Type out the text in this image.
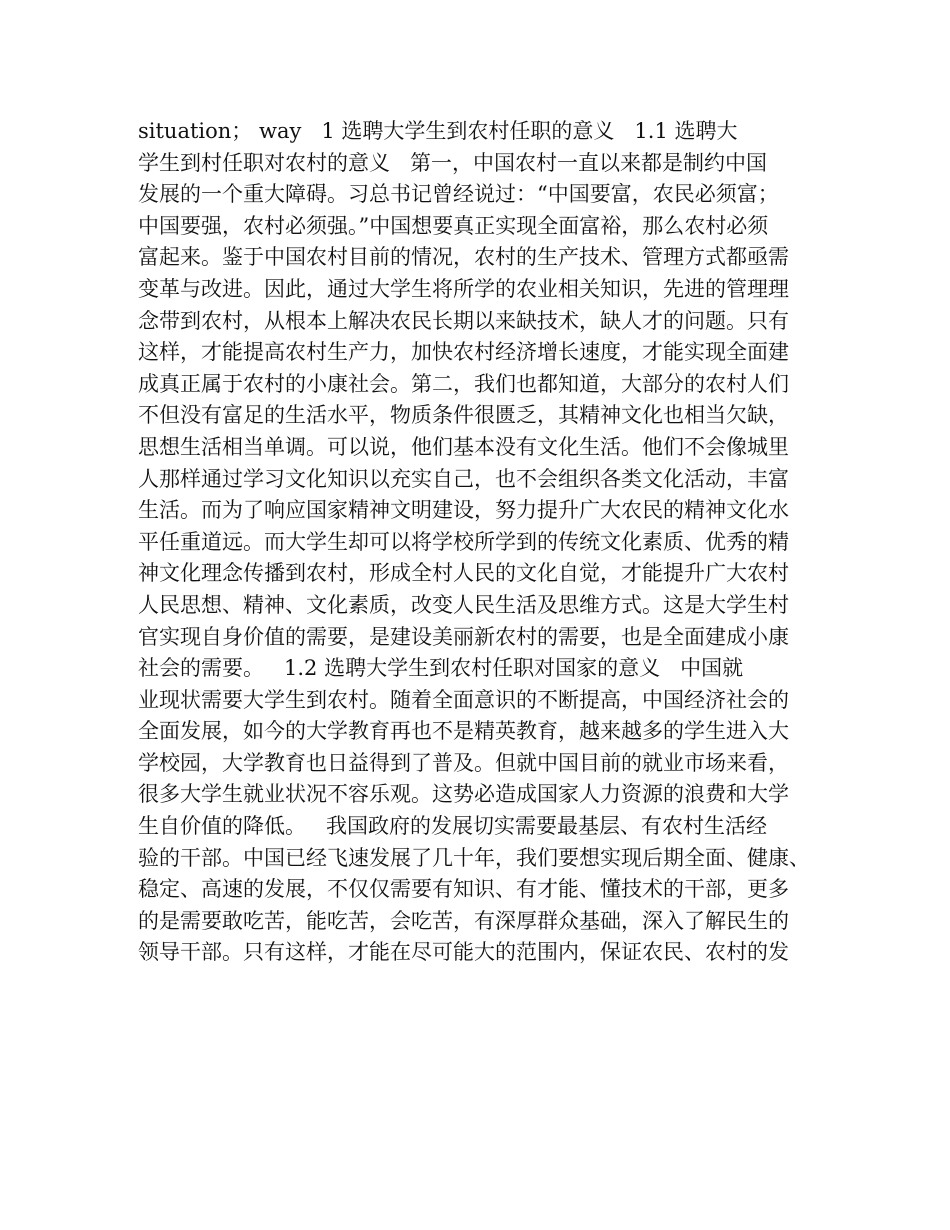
situation； way   1 选聘大学生到农村任职的意义   1.1 选聘大
学生到村任职对农村的意义   第一，中国农村一直以来都是制约中国
发展的一个重大障碍。习总书记曾经说过：“中国要富，农民必须富；
中国要强，农村必须强。”中国想要真正实现全面富裕，那么农村必须
富起来。鉴于中国农村目前的情况，农村的生产技术、管理方式都亟需
变革与改进。因此，通过大学生将所学的农业相关知识，先进的管理理
念带到农村，从根本上解决农民长期以来缺技术，缺人才的问题。只有
这样，才能提高农村生产力，加快农村经济增长速度，才能实现全面建
成真正属于农村的小康社会。第二，我们也都知道，大部分的农村人们
不但没有富足的生活水平，物质条件很匮乏，其精神文化也相当欠缺，
思想生活相当单调。可以说，他们基本没有文化生活。他们不会像城里
人那样通过学习文化知识以充实自己，也不会组织各类文化活动，丰富
生活。而为了响应国家精神文明建设，努力提升广大农民的精神文化水
平任重道远。而大学生却可以将学校所学到的传统文化素质、优秀的精
神文化理念传播到农村，形成全村人民的文化自觉，才能提升广大农村
人民思想、精神、文化素质，改变人民生活及思维方式。这是大学生村
官实现自身价值的需要，是建设美丽新农村的需要，也是全面建成小康
社会的需要。   1.2 选聘大学生到农村任职对国家的意义   中国就
业现状需要大学生到农村。随着全面意识的不断提高，中国经济社会的
全面发展，如今的大学教育再也不是精英教育，越来越多的学生进入大
学校园，大学教育也日益得到了普及。但就中国目前的就业市场来看，
很多大学生就业状况不容乐观。这势必造成国家人力资源的浪费和大学
生自价值的降低。   我国政府的发展切实需要最基层、有农村生活经
验的干部。中国已经飞速发展了几十年，我们要想实现后期全面、健康、
稳定、高速的发展，不仅仅需要有知识、有才能、懂技术的干部，更多
的是需要敢吃苦，能吃苦，会吃苦，有深厚群众基础，深入了解民生的
领导干部。只有这样，才能在尽可能大的范围内，保证农民、农村的发
